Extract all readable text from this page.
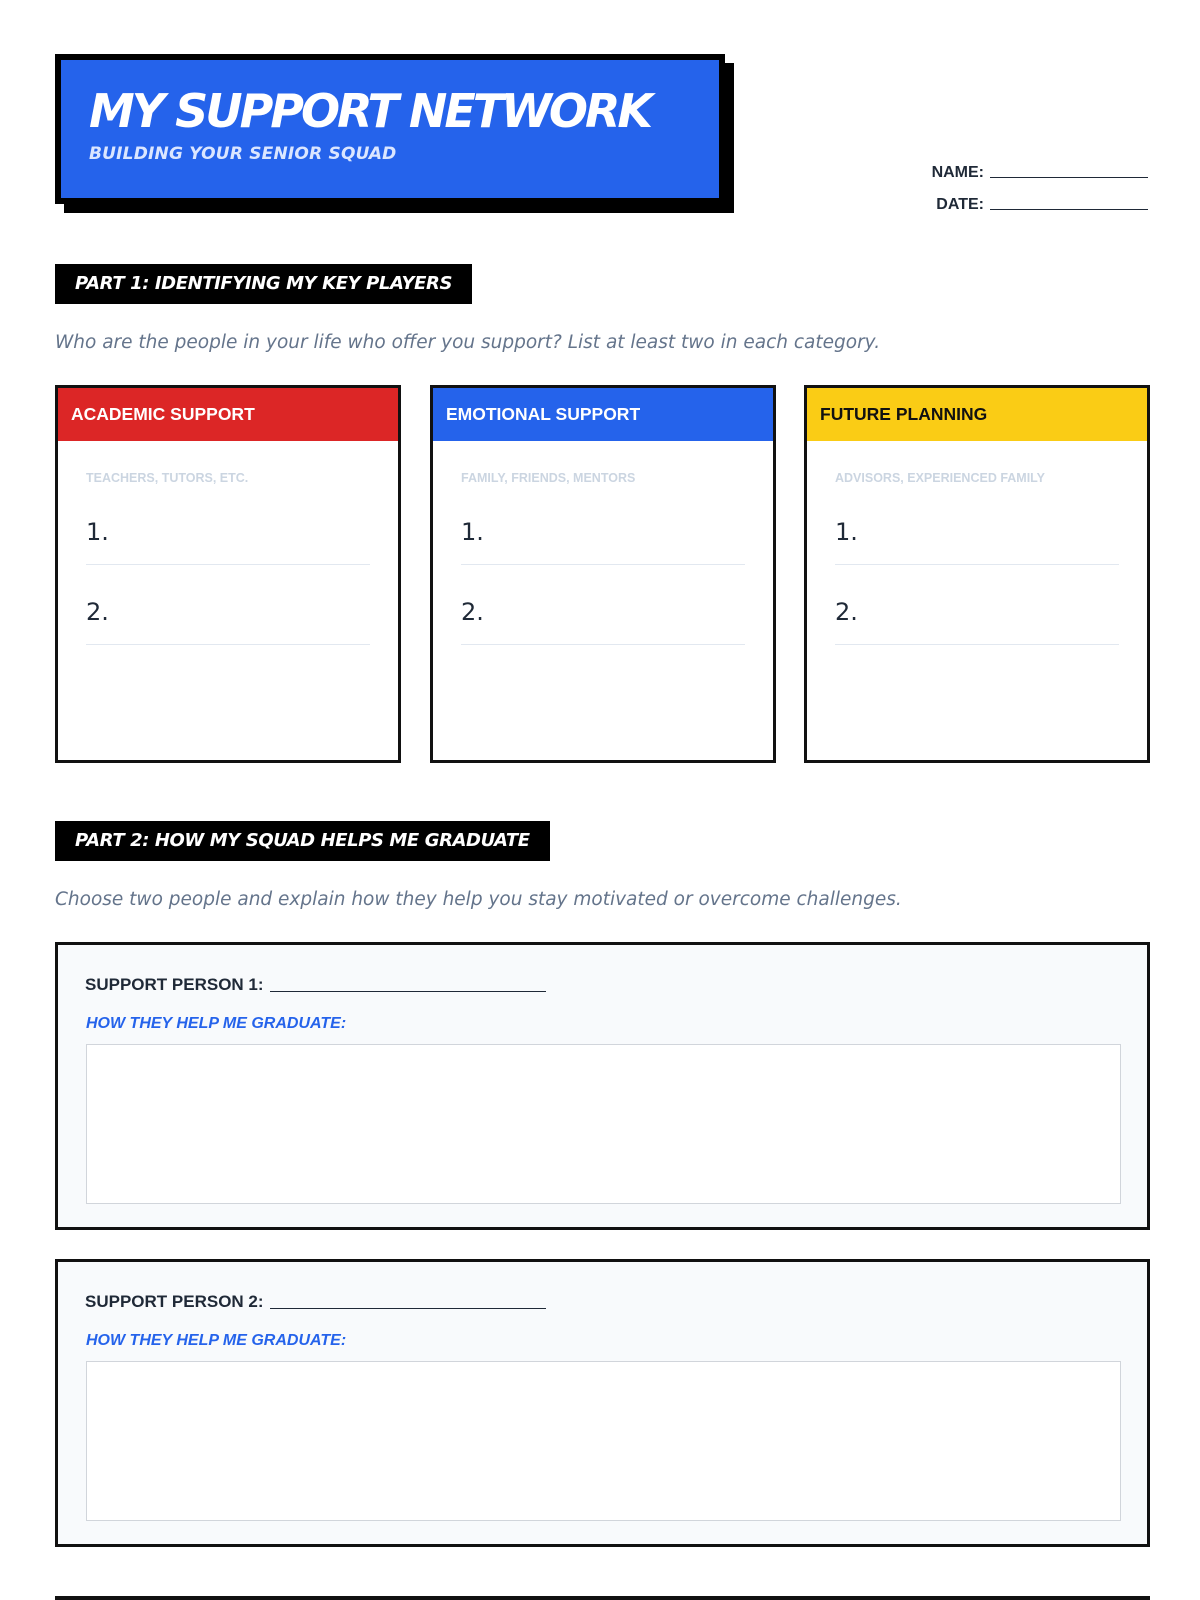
MY SUPPORT NETWORK
BUILDING YOUR SENIOR SQUAD
NAME:
DATE:
PART 1: IDENTIFYING MY KEY PLAYERS
Who are the people in your life who offer you support? List at least two in each category.
ACADEMIC SUPPORT
TEACHERS, TUTORS, ETC.
1.
2.
EMOTIONAL SUPPORT
FAMILY, FRIENDS, MENTORS
1.
2.
FUTURE PLANNING
ADVISORS, EXPERIENCED FAMILY
1.
2.
PART 2: HOW MY SQUAD HELPS ME GRADUATE
Choose two people and explain how they help you stay motivated or overcome challenges.
SUPPORT PERSON 1:
HOW THEY HELP ME GRADUATE:
SUPPORT PERSON 2:
HOW THEY HELP ME GRADUATE:
